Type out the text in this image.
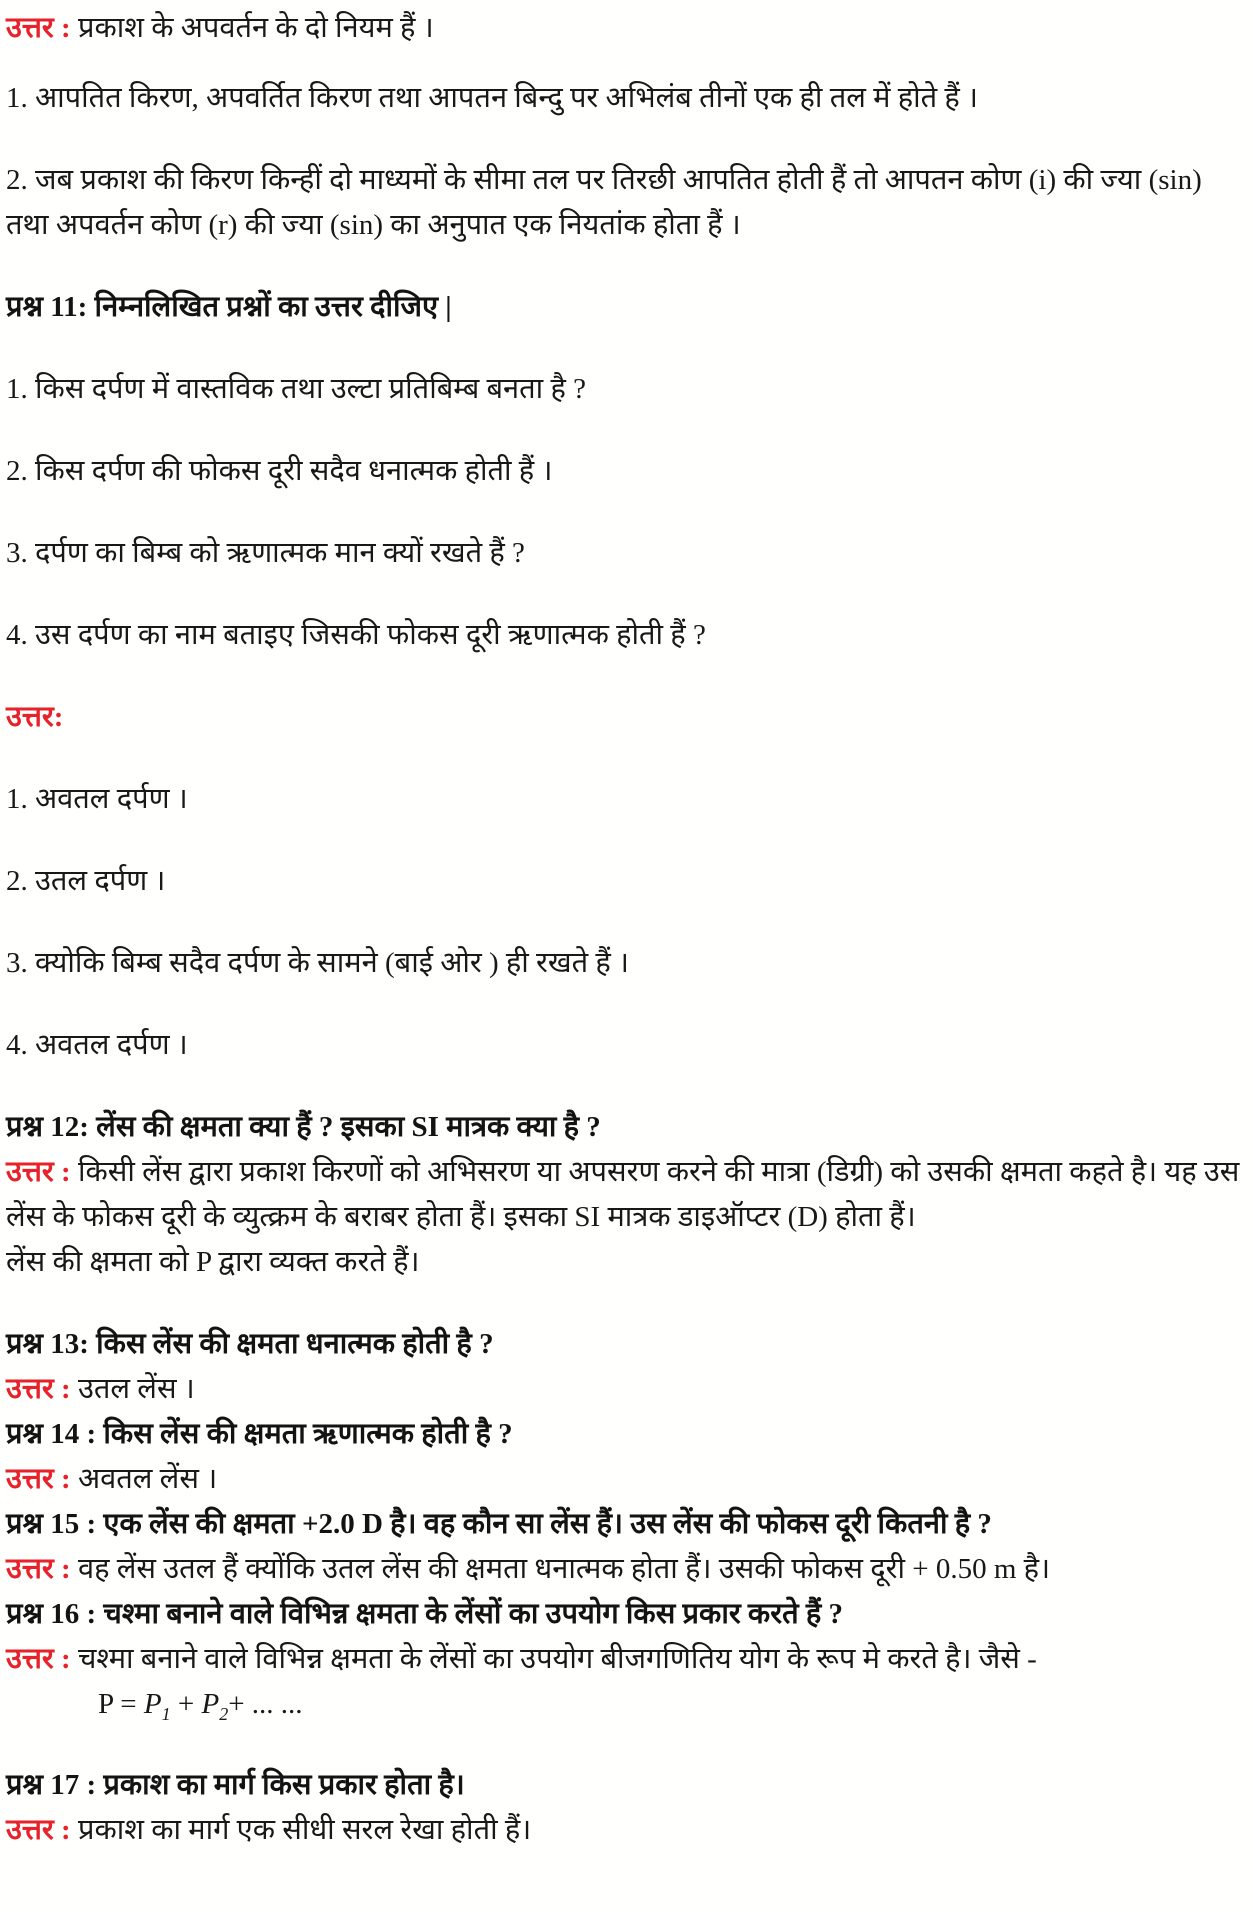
उत्तर : प्रकाश के अपवर्तन के दो नियम हैं ।

1. आपतित किरण, अपवर्तित किरण तथा आपतन बिन्दु पर अभिलंब तीनों एक ही तल में होते हैं ।

2. जब प्रकाश की किरण किन्हीं दो माध्यमों के सीमा तल पर तिरछी आपतित होती हैं तो आपतन कोण (i) की ज्या (sin) तथा अपवर्तन कोण (r) की ज्या (sin) का अनुपात एक नियतांक होता हैं ।

प्रश्न 11: निम्नलिखित प्रश्नों का उत्तर दीजिए |

1. किस दर्पण में वास्तविक तथा उल्टा प्रतिबिम्ब बनता है ?

2. किस दर्पण की फोकस दूरी सदैव धनात्मक होती हैं ।

3. दर्पण का बिम्ब को ऋणात्मक मान क्यों रखते हैं ?

4. उस दर्पण का नाम बताइए जिसकी फोकस दूरी ऋणात्मक होती हैं ?

उत्तर:

1. अवतल दर्पण ।

2. उतल दर्पण ।

3. क्योकि बिम्ब सदैव दर्पण के सामने (बाई ओर ) ही रखते हैं ।

4. अवतल दर्पण ।

प्रश्न 12: लेंस की क्षमता क्या हैं ? इसका SI मात्रक क्या है ?

उत्तर : किसी लेंस द्वारा प्रकाश किरणों को अभिसरण या अपसरण करने की मात्रा (डिग्री) को उसकी क्षमता कहते है। यह उस लेंस के फोकस दूरी के व्युत्क्रम के बराबर होता हैं। इसका SI मात्रक डाइऑप्टर (D) होता हैं।

लेंस की क्षमता को P द्वारा व्यक्त करते हैं।

प्रश्न 13: किस लेंस की क्षमता धनात्मक होती है ?

उत्तर : उतल लेंस ।

प्रश्न 14 : किस लेंस की क्षमता ऋणात्मक होती है ?

उत्तर : अवतल लेंस ।

प्रश्न 15 : एक लेंस की क्षमता +2.0 D है। वह कौन सा लेंस हैं। उस लेंस की फोकस दूरी कितनी है ?

उत्तर : वह लेंस उतल हैं क्योंकि उतल लेंस की क्षमता धनात्मक होता हैं। उसकी फोकस दूरी + 0.50 m है।

प्रश्न 16 : चश्मा बनाने वाले विभिन्न क्षमता के लेंसों का उपयोग किस प्रकार करते हैं ?

उत्तर : चश्मा बनाने वाले विभिन्न क्षमता के लेंसों का उपयोग बीजगणितिय योग के रूप मे करते है। जैसे -

$P = P_1 + P_2+$ ... ...

प्रश्न 17 : प्रकाश का मार्ग किस प्रकार होता है।

उत्तर : प्रकाश का मार्ग एक सीधी सरल रेखा होती हैं।
